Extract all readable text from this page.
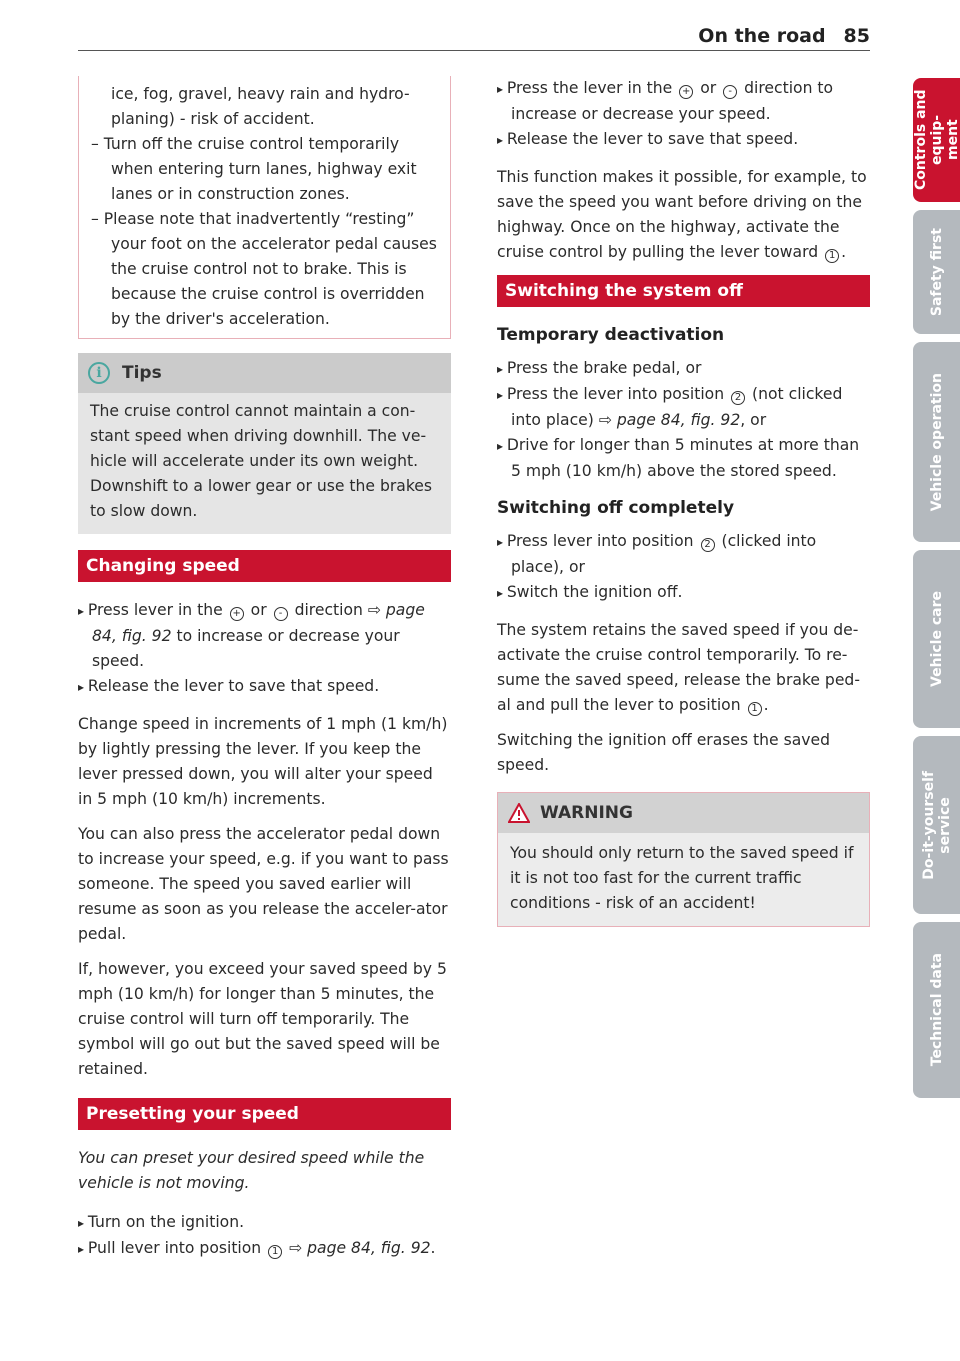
On the road 85
ice, fog, gravel, heavy rain and hydro-planing) - risk of accident.
– Turn off the cruise control temporarily when entering turn lanes, highway exit lanes or in construction zones.
– Please note that inadvertently “resting” your foot on the accelerator pedal causes the cruise control not to brake. This is because the cruise control is overridden by the driver's acceleration.
i	Tips
The cruise control cannot maintain a con-stant speed when driving downhill. The ve-hicle will accelerate under its own weight. Downshift to a lower gear or use the brakes to slow down.
Changing speed
▸ Press lever in the + or - direction ⇨ page 84, fig. 92 to increase or decrease your speed.
▸ Release the lever to save that speed.

Change speed in increments of 1 mph (1 km/h) by lightly pressing the lever. If you keep the lever pressed down, you will alter your speed in 5 mph (10 km/h) increments.

You can also press the accelerator pedal down to increase your speed, e.g. if you want to pass someone. The speed you saved earlier will resume as soon as you release the acceler-ator pedal.

If, however, you exceed your saved speed by 5 mph (10 km/h) for longer than 5 minutes, the cruise control will turn off temporarily. The symbol will go out but the saved speed will be retained.

Presetting your speed

You can preset your desired speed while the vehicle is not moving.

▸ Turn on the ignition.
▸ Pull lever into position 1 ⇨ page 84, fig. 92.
▸ Press the lever in the + or - direction to increase or decrease your speed.
▸ Release the lever to save that speed.

This function makes it possible, for example, to save the speed you want before driving on the highway. Once on the highway, activate the cruise control by pulling the lever toward 1 .

Switching the system off
Temporary deactivation
▸ Press the brake pedal, or
▸ Press the lever into position 2 (not clicked into place) ⇨ page 84, fig. 92, or
▸ Drive for longer than 5 minutes at more than 5 mph (10 km/h) above the stored speed.
Switching off completely
▸ Press lever into position 2 (clicked into place), or
▸ Switch the ignition off.

The system retains the saved speed if you de-activate the cruise control temporarily. To re-sume the saved speed, release the brake ped-al and pull the lever to position 1 .

Switching the ignition off erases the saved speed.

WARNING
You should only return to the saved speed if it is not too fast for the current traffic conditions - risk of an accident!
Controls and equip-
ment
Safety first
Vehicle operation
Vehicle care
Do-it-yourself
service
Technical data
